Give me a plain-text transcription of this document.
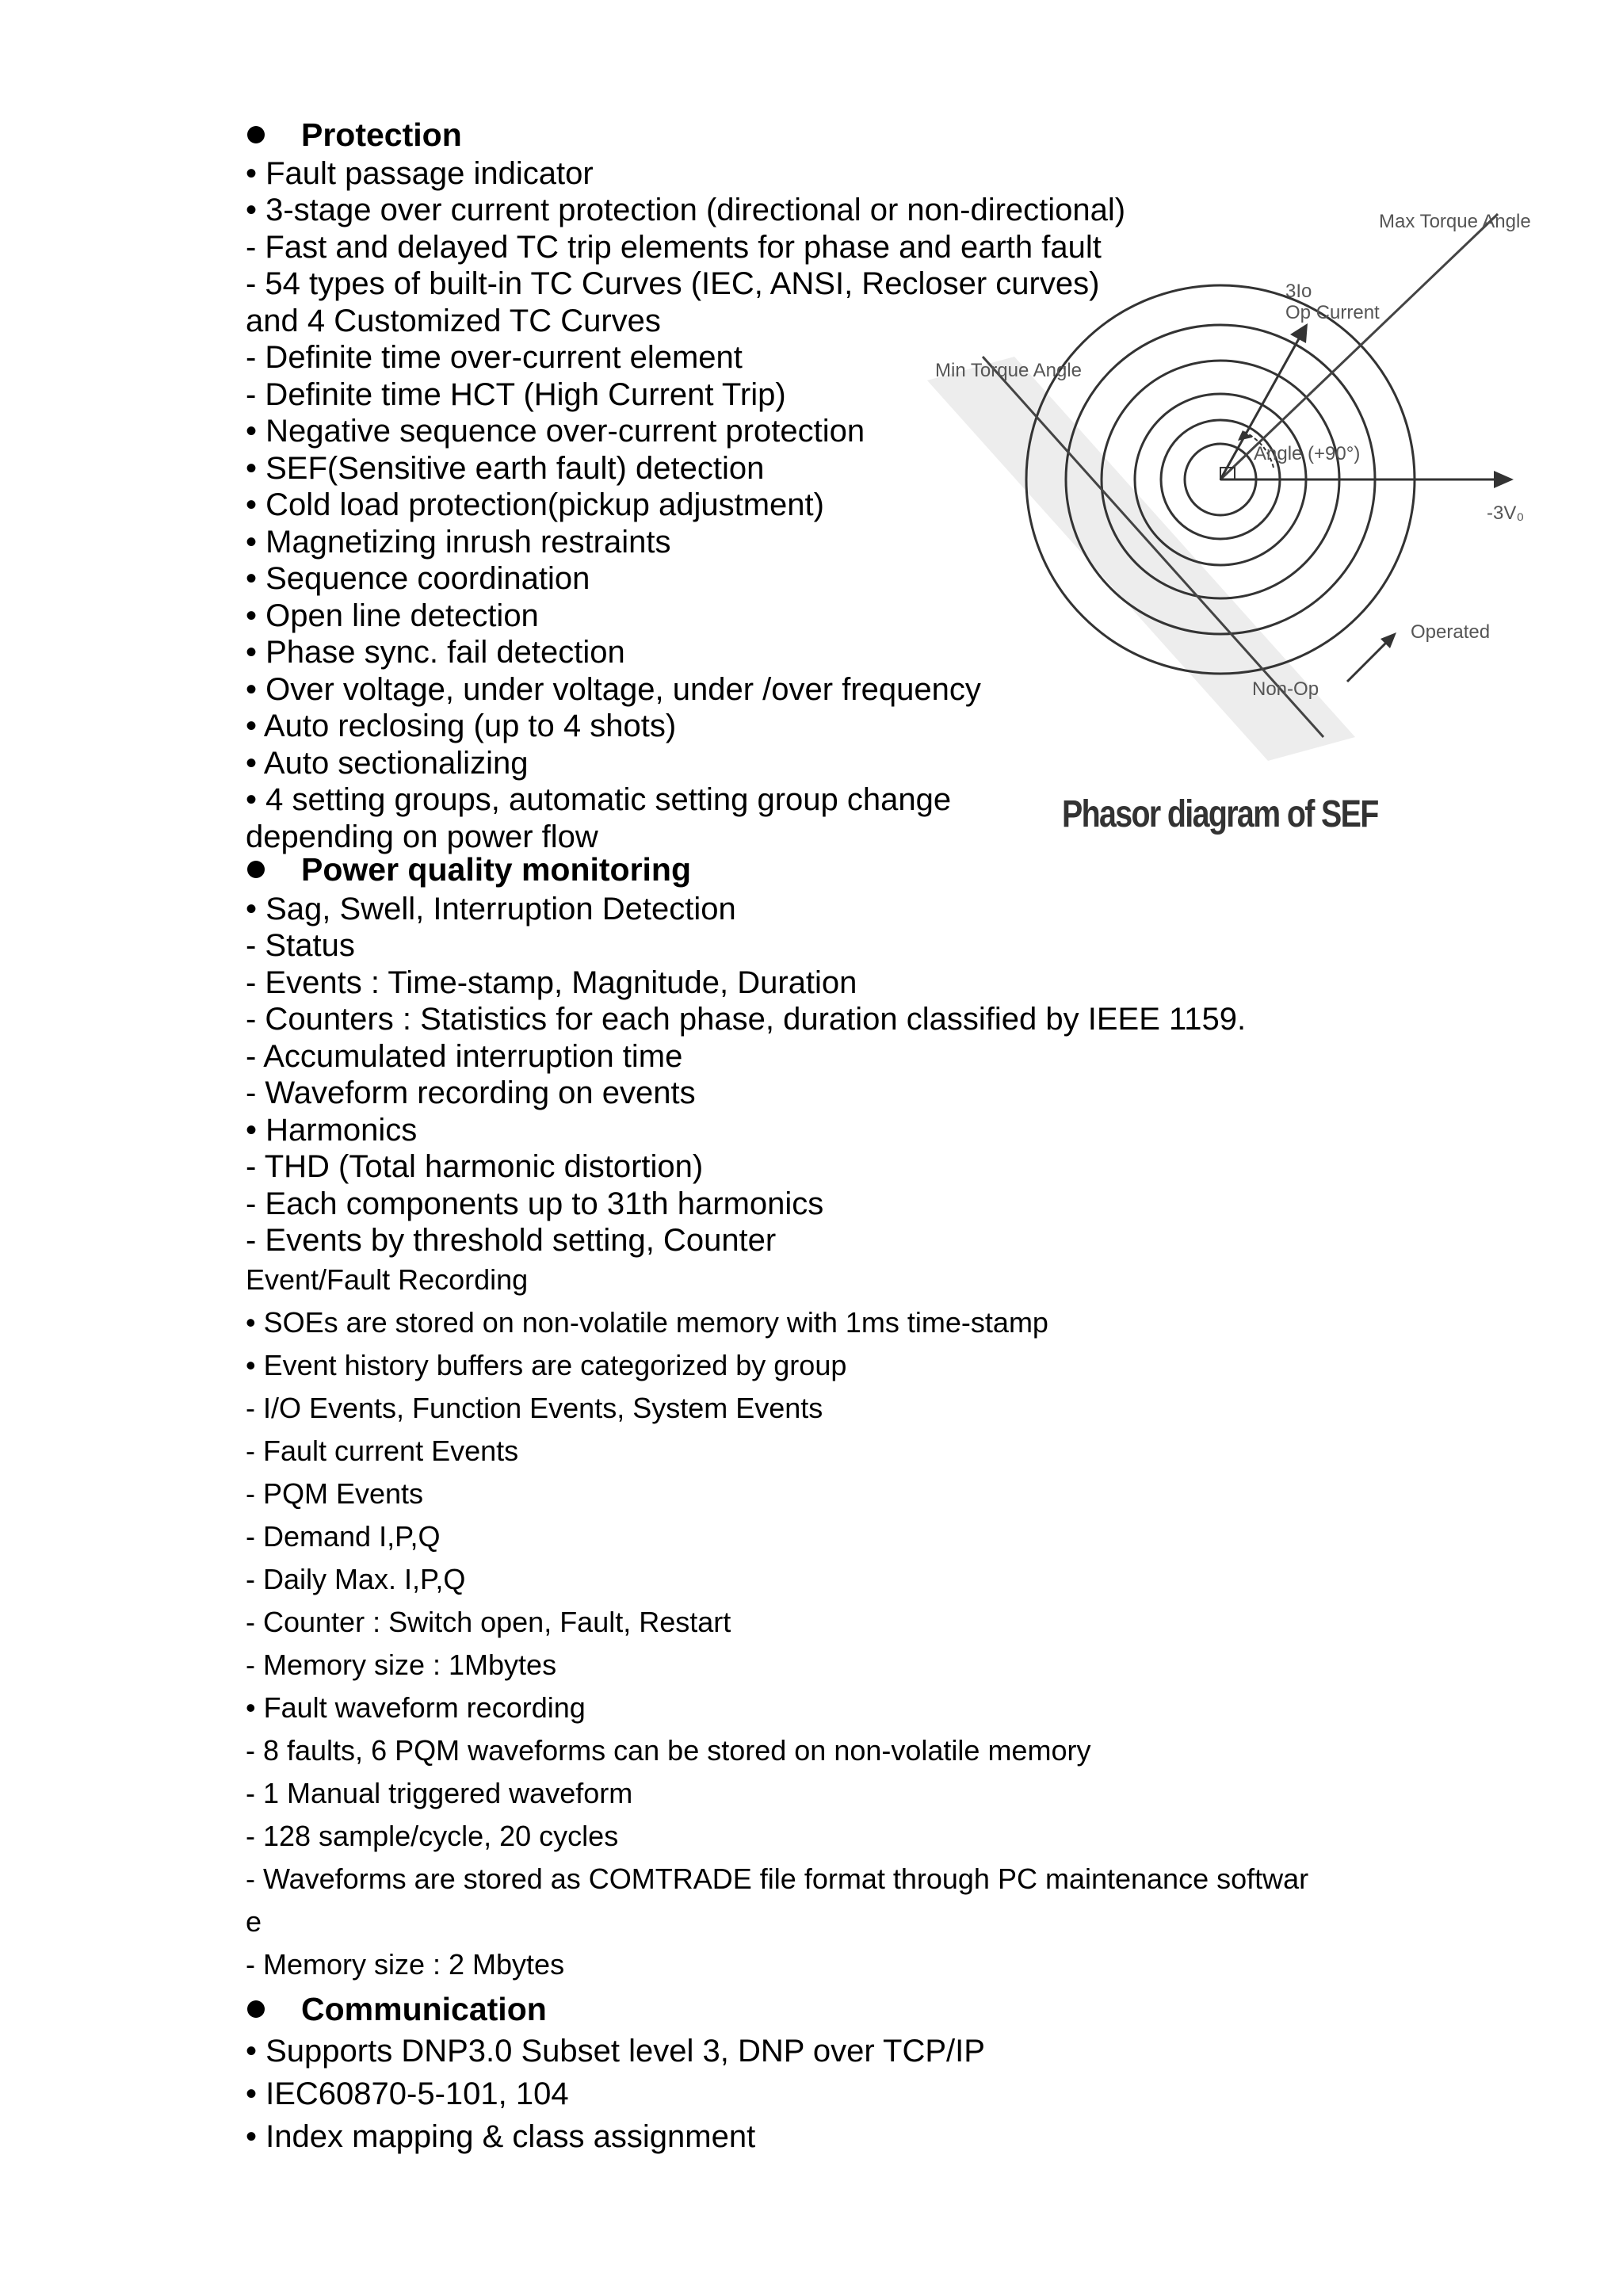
Protection
• Fault passage indicator
• 3-stage over current protection (directional or non-directional)
- Fast and delayed TC trip elements for phase and earth fault
- 54 types of built-in TC Curves (IEC, ANSI, Recloser curves)
and 4 Customized TC Curves
- Definite time over-current element
- Definite time HCT (High Current Trip)
• Negative sequence over-current protection
• SEF(Sensitive earth fault) detection
• Cold load protection(pickup adjustment)
• Magnetizing inrush restraints
• Sequence coordination
• Open line detection
• Phase sync. fail detection
• Over voltage, under voltage, under /over frequency
• Auto reclosing (up to 4 shots)
• Auto sectionalizing
• 4 setting groups, automatic setting group change
depending on power flow
Max Torque Angle
Min Torque Angle
3Io
Op Current
Angle (+90°)
-3V₀
Operated
Non-Op
Phasor diagram of SEF
Power quality monitoring
• Sag, Swell, Interruption Detection
- Status
- Events : Time-stamp, Magnitude, Duration
- Counters : Statistics for each phase, duration classified by IEEE 1159.
- Accumulated interruption time
- Waveform recording on events
• Harmonics
- THD (Total harmonic distortion)
- Each components up to 31th harmonics
- Events by threshold setting, Counter
Event/Fault Recording
• SOEs are stored on non-volatile memory with 1ms time-stamp
• Event history buffers are categorized by group
- I/O Events, Function Events, System Events
- Fault current Events
- PQM Events
- Demand I,P,Q
- Daily Max. I,P,Q
- Counter : Switch open, Fault, Restart
- Memory size : 1Mbytes
• Fault waveform recording
- 8 faults, 6 PQM waveforms can be stored on non-volatile memory
- 1 Manual triggered waveform
- 128 sample/cycle, 20 cycles
- Waveforms are stored as COMTRADE file format through PC maintenance softwar
e
- Memory size : 2 Mbytes
Communication
• Supports DNP3.0 Subset level 3, DNP over TCP/IP
• IEC60870-5-101, 104
• Index mapping & class assignment
